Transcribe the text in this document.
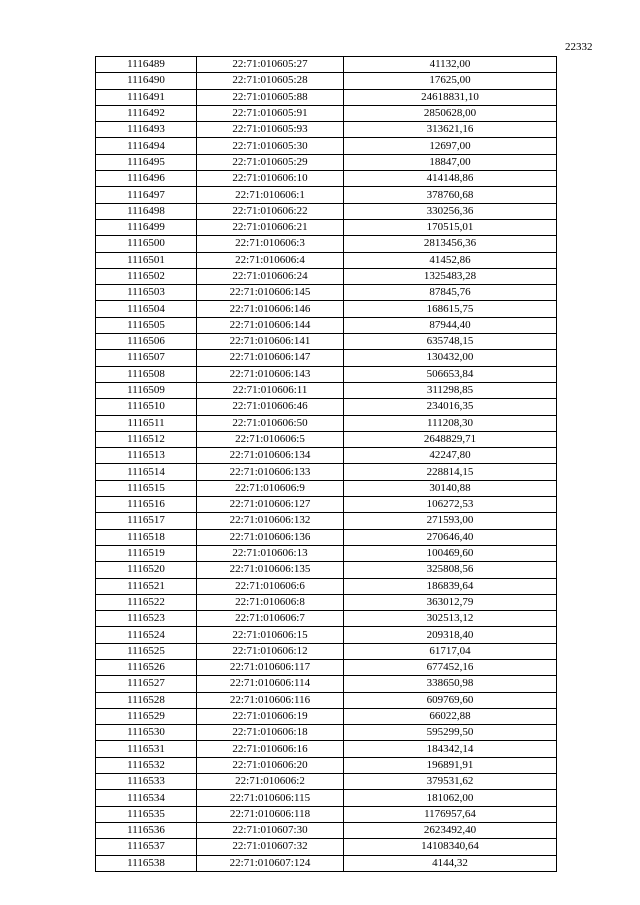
22332
1116489	22:71:010605:27	41132,00
1116490	22:71:010605:28	17625,00
1116491	22:71:010605:88	24618831,10
1116492	22:71:010605:91	2850628,00
1116493	22:71:010605:93	313621,16
1116494	22:71:010605:30	12697,00
1116495	22:71:010605:29	18847,00
1116496	22:71:010606:10	414148,86
1116497	22:71:010606:1	378760,68
1116498	22:71:010606:22	330256,36
1116499	22:71:010606:21	170515,01
1116500	22:71:010606:3	2813456,36
1116501	22:71:010606:4	41452,86
1116502	22:71:010606:24	1325483,28
1116503	22:71:010606:145	87845,76
1116504	22:71:010606:146	168615,75
1116505	22:71:010606:144	87944,40
1116506	22:71:010606:141	635748,15
1116507	22:71:010606:147	130432,00
1116508	22:71:010606:143	506653,84
1116509	22:71:010606:11	311298,85
1116510	22:71:010606:46	234016,35
1116511	22:71:010606:50	111208,30
1116512	22:71:010606:5	2648829,71
1116513	22:71:010606:134	42247,80
1116514	22:71:010606:133	228814,15
1116515	22:71:010606:9	30140,88
1116516	22:71:010606:127	106272,53
1116517	22:71:010606:132	271593,00
1116518	22:71:010606:136	270646,40
1116519	22:71:010606:13	100469,60
1116520	22:71:010606:135	325808,56
1116521	22:71:010606:6	186839,64
1116522	22:71:010606:8	363012,79
1116523	22:71:010606:7	302513,12
1116524	22:71:010606:15	209318,40
1116525	22:71:010606:12	61717,04
1116526	22:71:010606:117	677452,16
1116527	22:71:010606:114	338650,98
1116528	22:71:010606:116	609769,60
1116529	22:71:010606:19	66022,88
1116530	22:71:010606:18	595299,50
1116531	22:71:010606:16	184342,14
1116532	22:71:010606:20	196891,91
1116533	22:71:010606:2	379531,62
1116534	22:71:010606:115	181062,00
1116535	22:71:010606:118	1176957,64
1116536	22:71:010607:30	2623492,40
1116537	22:71:010607:32	14108340,64
1116538	22:71:010607:124	4144,32
